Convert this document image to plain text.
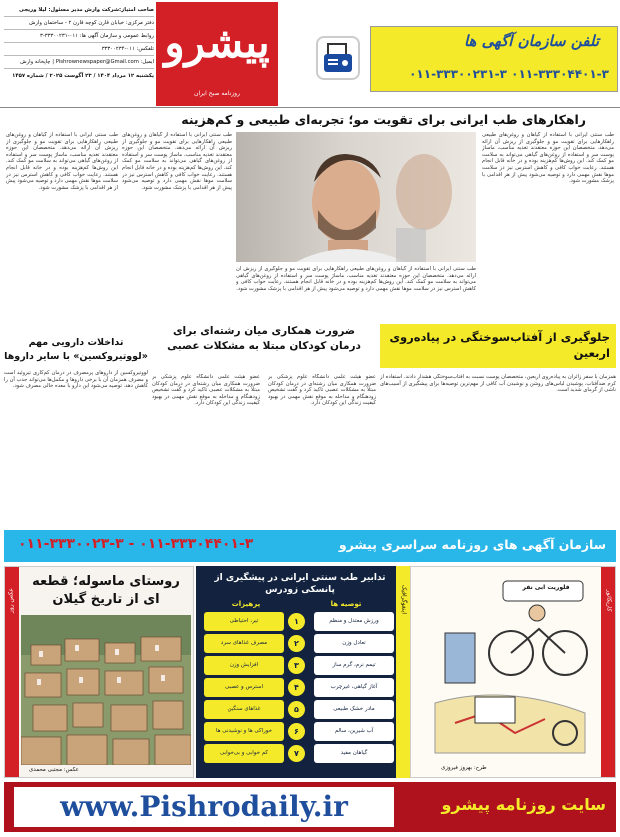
تلفن سازمان آگهی ها
۰۱۱-۳۳۳۰۰۲۳۱-۳ ۰۱۱-۳۳۳۰۴۴۰۱-۳
پیشرو
روزنامه صبح ایران
صاحب امتیاز:شرکت وارش مدیر مسئول: لیلا وریجی
دفتر مرکزی: خیابان قارن کوچه قارن ۲ - ساختمان وارش
روابط عمومی و سازمان آگهی ها: ۰۱۱-۳۳۳۰۰۲۳۱-۳
تلفکس: ۰۱۱-۳۳۳۰۰۲۳۴
ایمیل: Pishrownewspaper@Gmail.com | چاپخانه وارش
یکشنبه ۱۲ مرداد ۱۴۰۴ / ۲۳ آگوست ۲۰۲۵ / شماره ۱۴۵۷
راهکارهای طب ایرانی برای تقویت مو؛ تجربه‌ای طبیعی و کم‌هزینه
طب سنتی ایرانی با استفاده از گیاهان و روغن‌های طبیعی راهکارهایی برای تقویت مو و جلوگیری از ریزش آن ارائه می‌دهد. متخصصان این حوزه معتقدند تغذیه مناسب، ماساژ پوست سر و استفاده از روغن‌های گیاهی می‌تواند به سلامت مو کمک کند. این روش‌ها کم‌هزینه بوده و در خانه قابل انجام هستند. رعایت خواب کافی و کاهش استرس نیز در سلامت موها نقش مهمی دارد و توصیه می‌شود پیش از هر اقدامی با پزشک مشورت شود.
طب سنتی ایرانی با استفاده از گیاهان و روغن‌های طبیعی راهکارهایی برای تقویت مو و جلوگیری از ریزش آن ارائه می‌دهد. متخصصان این حوزه معتقدند تغذیه مناسب، ماساژ پوست سر و استفاده از روغن‌های گیاهی می‌تواند به سلامت مو کمک کند. این روش‌ها کم‌هزینه بوده و در خانه قابل انجام هستند. رعایت خواب کافی و کاهش استرس نیز در سلامت موها نقش مهمی دارد و توصیه می‌شود پیش از هر اقدامی با پزشک مشورت شود.
طب سنتی ایرانی با استفاده از گیاهان و روغن‌های طبیعی راهکارهایی برای تقویت مو و جلوگیری از ریزش آن ارائه می‌دهد. متخصصان این حوزه معتقدند تغذیه مناسب، ماساژ پوست سر و استفاده از روغن‌های گیاهی می‌تواند به سلامت مو کمک کند. این روش‌ها کم‌هزینه بوده و در خانه قابل انجام هستند. رعایت خواب کافی و کاهش استرس نیز در سلامت موها نقش مهمی دارد و توصیه می‌شود پیش از هر اقدامی با پزشک مشورت شود.
طب سنتی ایرانی با استفاده از گیاهان و روغن‌های طبیعی راهکارهایی برای تقویت مو و جلوگیری از ریزش آن ارائه می‌دهد. متخصصان این حوزه معتقدند تغذیه مناسب، ماساژ پوست سر و استفاده از روغن‌های گیاهی می‌تواند به سلامت مو کمک کند. این روش‌ها کم‌هزینه بوده و در خانه قابل انجام هستند. رعایت خواب کافی و کاهش استرس نیز در سلامت موها نقش مهمی دارد و توصیه می‌شود پیش از هر اقدامی با پزشک مشورت شود.
جلوگیری از آفتاب‌سوختگی در پیاده‌روی اربعین
همزمان با سفر زائران به پیاده‌روی اربعین، متخصصان پوست نسبت به آفتاب‌سوختگی هشدار دادند. استفاده از کرم ضدآفتاب، پوشیدن لباس‌های روشن و نوشیدن آب کافی از مهم‌ترین توصیه‌ها برای پیشگیری از آسیب‌های ناشی از گرمای شدید است.
ضرورت همکاری میان رشته‌ای برای درمان کودکان مبتلا به مشکلات عصبی
عضو هیئت علمی دانشگاه علوم پزشکی بر ضرورت همکاری میان رشته‌ای در درمان کودکان مبتلا به مشکلات عصبی تاکید کرد و گفت تشخیص زودهنگام و مداخله به موقع نقش مهمی در بهبود کیفیت زندگی این کودکان دارد.
عضو هیئت علمی دانشگاه علوم پزشکی بر ضرورت همکاری میان رشته‌ای در درمان کودکان مبتلا به مشکلات عصبی تاکید کرد و گفت تشخیص زودهنگام و مداخله به موقع نقش مهمی در بهبود کیفیت زندگی این کودکان دارد.
تداخلات دارویی مهم «لووتیروکسین» با سایر داروها
لووتیروکسین از داروهای پرمصرف در درمان کم‌کاری تیروئید است و مصرف همزمان آن با برخی داروها و مکمل‌ها می‌تواند جذب آن را کاهش دهد. توصیه می‌شود این دارو با معده خالی مصرف شود.
سازمان آگهی های روزنامه سراسری پیشرو
۰۱۱-۳۳۳۰۰۲۳-۳ - ۰۱۱-۳۳۳۰۴۴۰۱-۳
کاریکاتور
فلوریت ابی نفر
طرح: بهروز فیروزی
اینفوگرافیک
تدابیر طب سنتی ایرانی در پیشگیری از پانسکی زودرس
توصیه ها
پرهیزات
ورزش معتدل و منظم
۱
تیر، احتیاطی
تعادل وزن
۲
مصرف غذاهای سرد
تیمم نرم، گرم ساز
۳
افزایش وزن
آغاز گیاهی، غیرچرب
۴
استرس و عصبی
مادر خشک طبیعی
۵
غذاهای سنگین
آب شیرین، سالم
۶
خوراکی ها و نوشیدنی ها
گیاهان مفید
۷
کم خوابی و بی‌خوابی
عکس روز
روستای ماسوله؛ قطعه ای از تاریخ گیلان
عکس: مجتبی محمدی
سایت روزنامه پیشرو
www.Pishrodaily.ir
